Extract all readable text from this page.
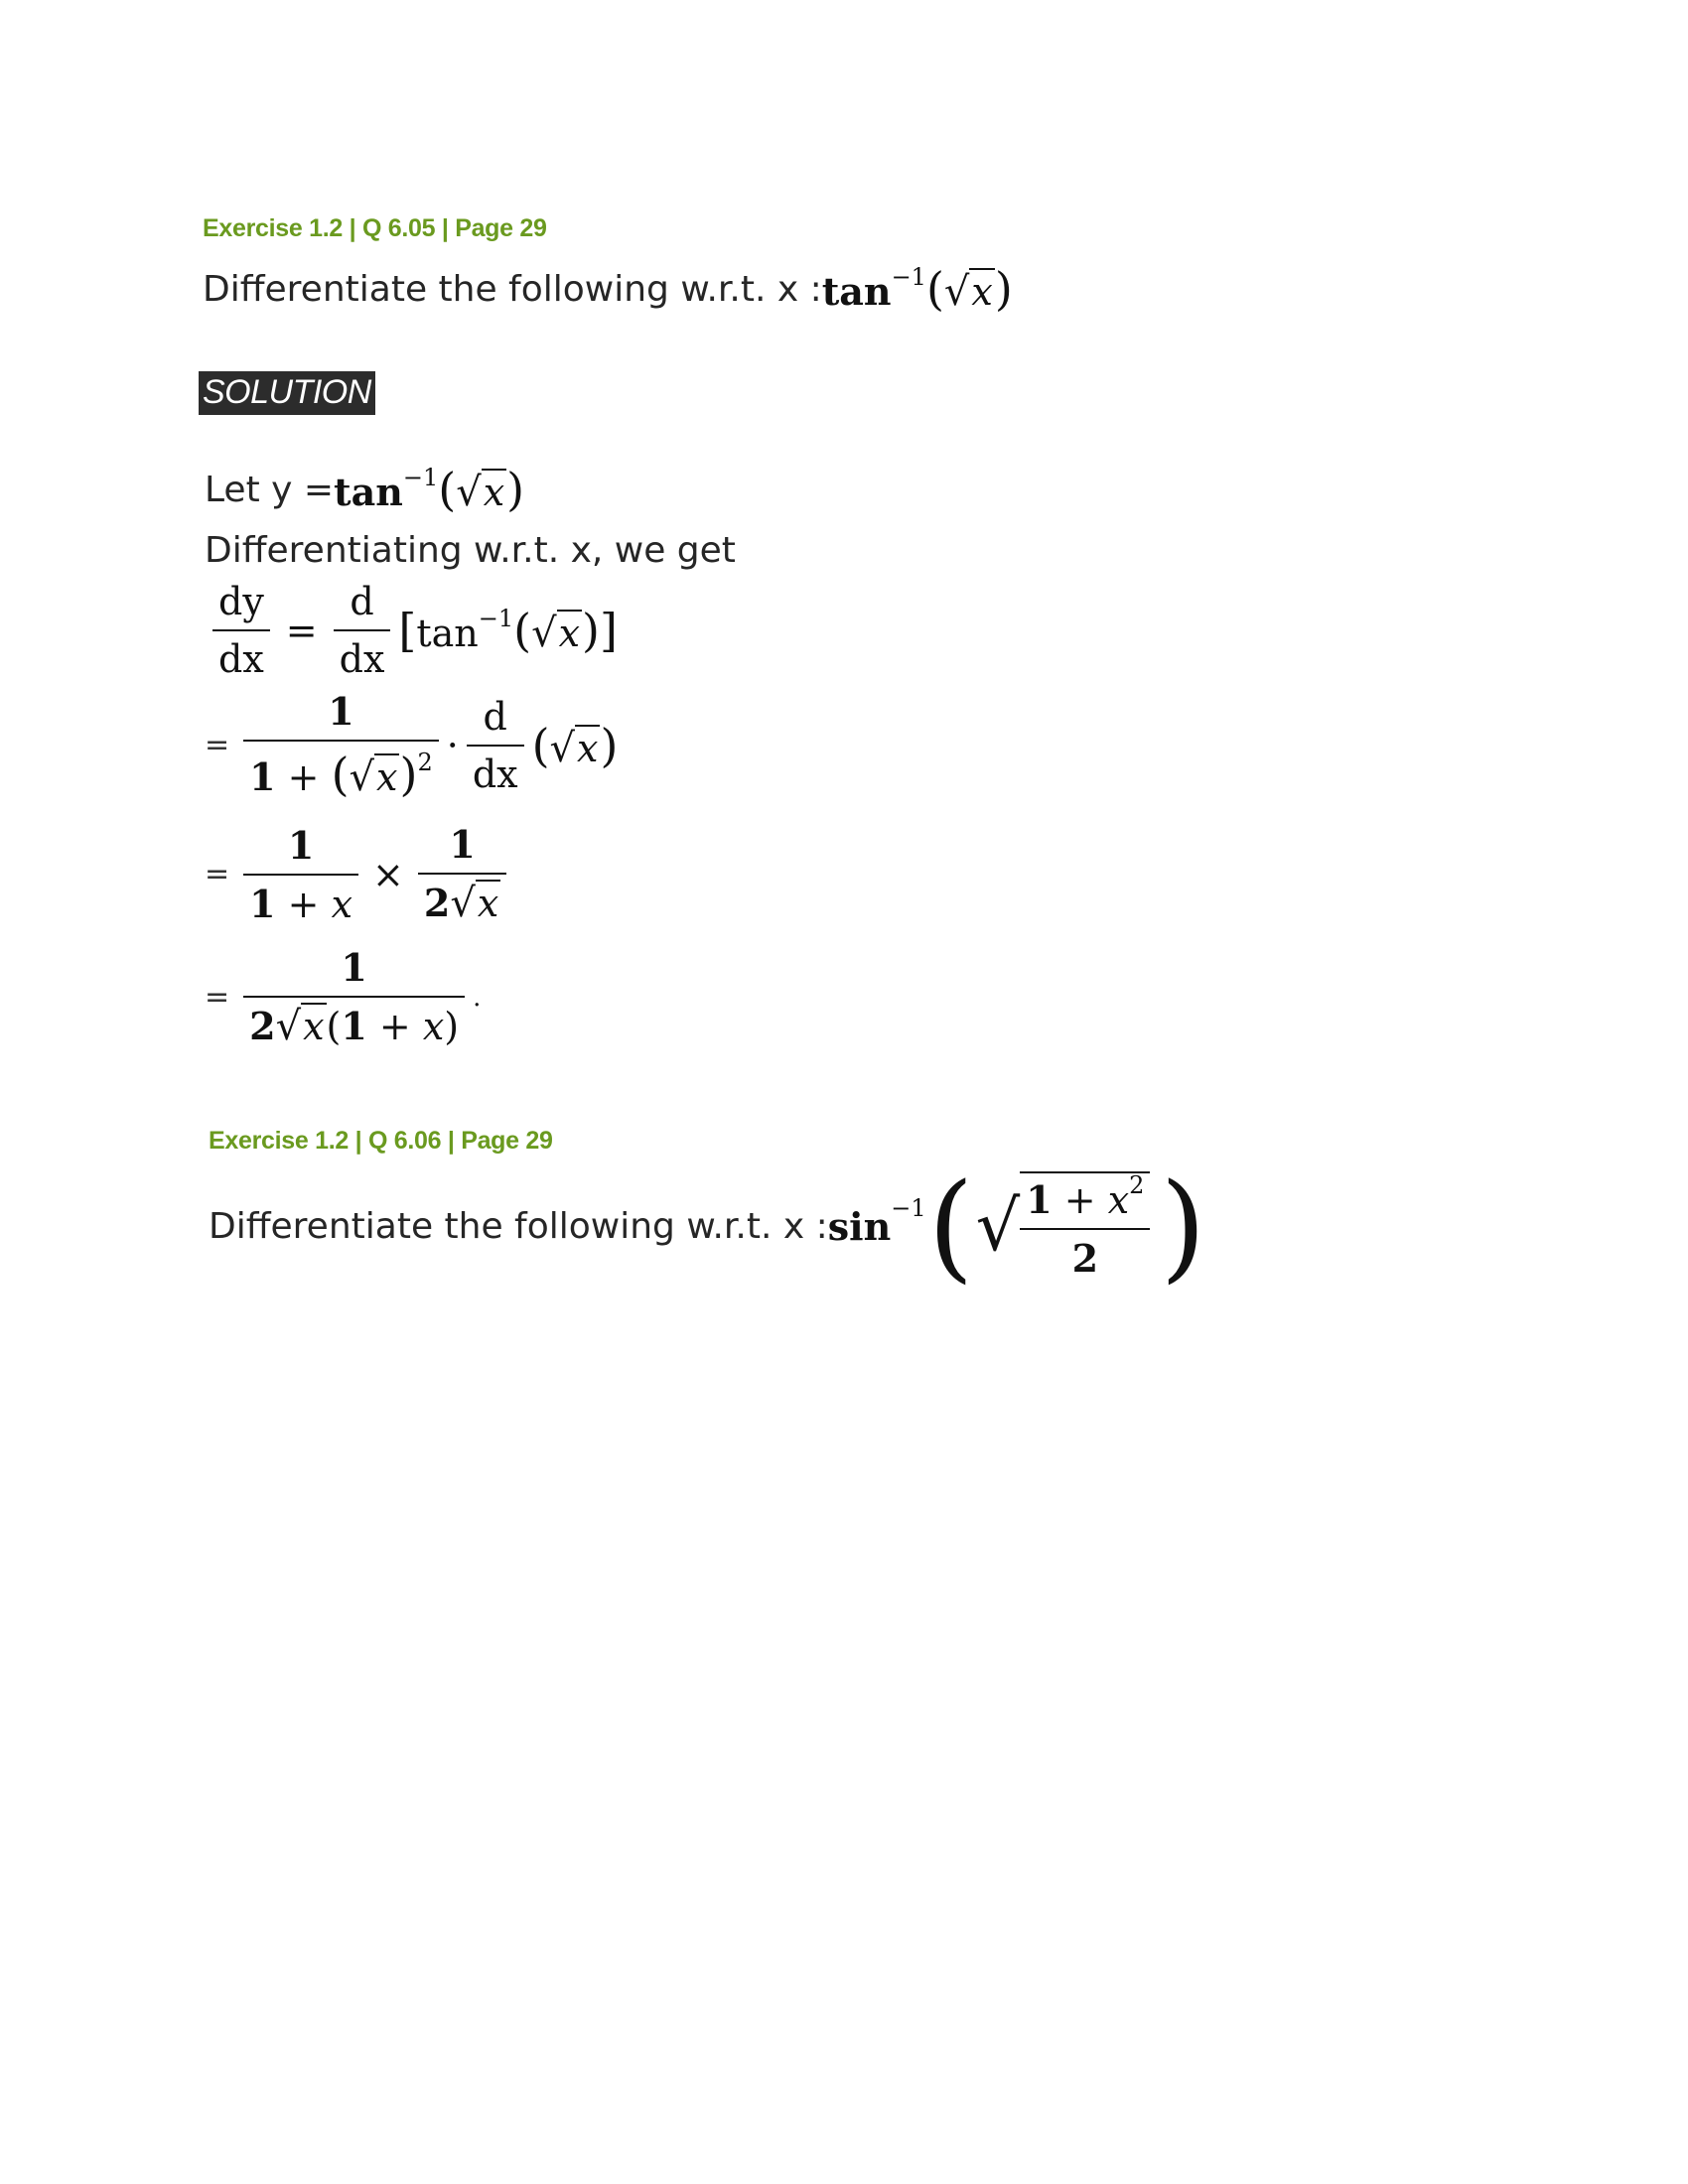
Exercise 1.2 | Q 6.05 | Page 29
Differentiate the following w.r.t. x : $\tan^{-1}(√x)$
SOLUTION
Let $y = \tan^{-1}(√x)$
Differentiating w.r.t. x, we get
$\frac{dy}{dx} = \frac{d}{dx} [\tan^{-1}(√x)]$
= $\frac{1}{1 + (√x)^2} \cdot \frac{d}{dx} (√x)$
= $\frac{1}{1 + x} \times \frac{1}{2√x}$
= $\frac{1}{2√x(1 + x)}$ .
Exercise 1.2 | Q 6.06 | Page 29
Differentiate the following w.r.t. x : $\sin^{-1}$ ( √ $\frac{1 + x^2}{2}$ )
